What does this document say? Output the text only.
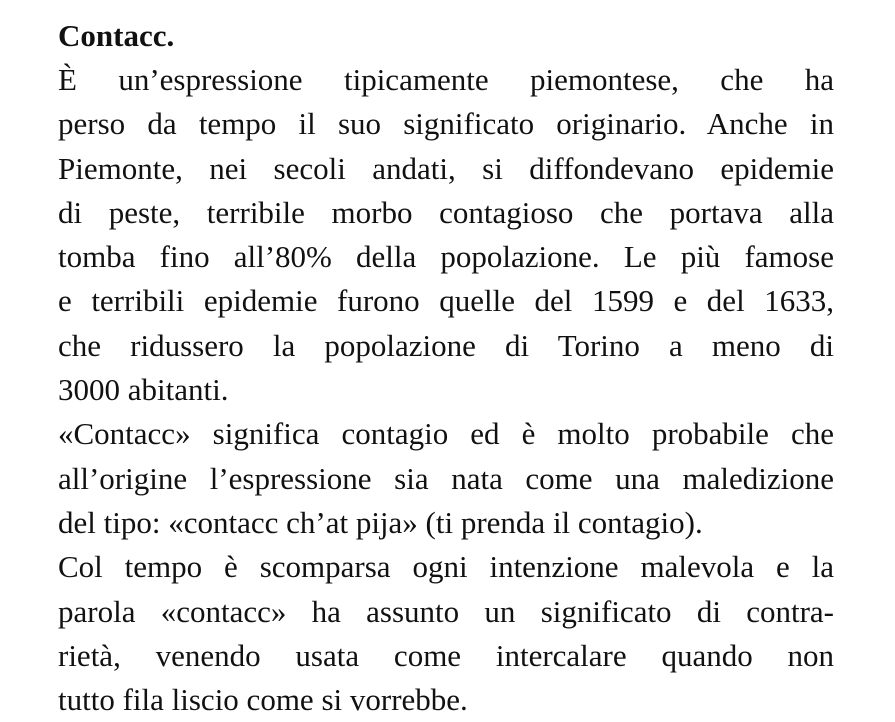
Contacc.
È un’espressione tipicamente piemontese, che ha
perso da tempo il suo significato originario. Anche in
Piemonte, nei secoli andati, si diffondevano epidemie
di peste, terribile morbo contagioso che portava alla
tomba fino all’80% della popolazione. Le più famose
e terribili epidemie furono quelle del 1599 e del 1633,
che ridussero la popolazione di Torino a meno di
3000 abitanti.
«Contacc» significa contagio ed è molto probabile che
all’origine l’espressione sia nata come una maledizione
del tipo: «contacc ch’at pija» (ti prenda il contagio).
Col tempo è scomparsa ogni intenzione malevola e la
parola «contacc» ha assunto un significato di contra-
rietà, venendo usata come intercalare quando non
tutto fila liscio come si vorrebbe.
